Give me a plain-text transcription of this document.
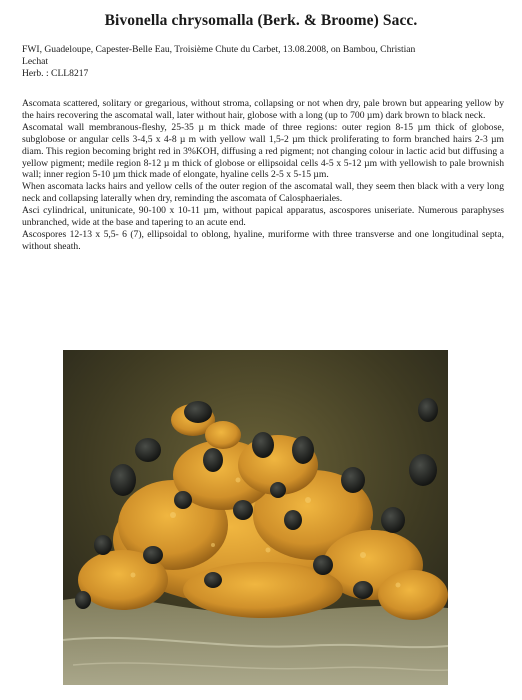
Bivonella chrysomalla (Berk. & Broome) Sacc.
FWI, Guadeloupe, Capester-Belle Eau, Troisième Chute du Carbet, 13.08.2008, on Bambou, Christian
Lechat
Herb. : CLL8217

Ascomata scattered, solitary or gregarious, without stroma, collapsing or not when dry, pale brown but appearing yellow by the hairs recovering the ascomatal wall, later without hair, globose with a long (up to 700 µm) dark brown to black neck.

Ascomatal wall membranous-fleshy, 25-35 µ m thick made of three regions: outer region 8-15 µm thick of globose, subglobose or angular cells 3-4,5 x 4-8 µ m with yellow wall 1,5-2 µm thick proliferating to form branched hairs 2-3 µm diam. This region becoming bright red in 3%KOH, diffusing a red pigment; not changing colour in lactic acid but diffusing a yellow pigment; medile region 8-12 µ m thick of globose or ellipsoidal cells 4-5 x 5-12 µm with yellowish to pale brownish wall; inner region 5-10 µm thick made of elongate, hyaline cells 2-5 x 5-15 µm.

When ascomata lacks hairs and yellow cells of the outer region of the ascomatal wall, they seem then black with a very long neck and collapsing laterally when dry, reminding the ascomata of Calosphaeriales.

Asci cylindrical, unitunicate, 90-100 x 10-11 µm, without papical apparatus, ascospores uniseriate. Numerous paraphyses unbranched, wide at the base and tapering to an acute end.

Ascospores 12-13 x 5,5- 6 (7), ellipsoidal to oblong, hyaline, muriforme with three transverse and one longitudinal septa, without sheath.
